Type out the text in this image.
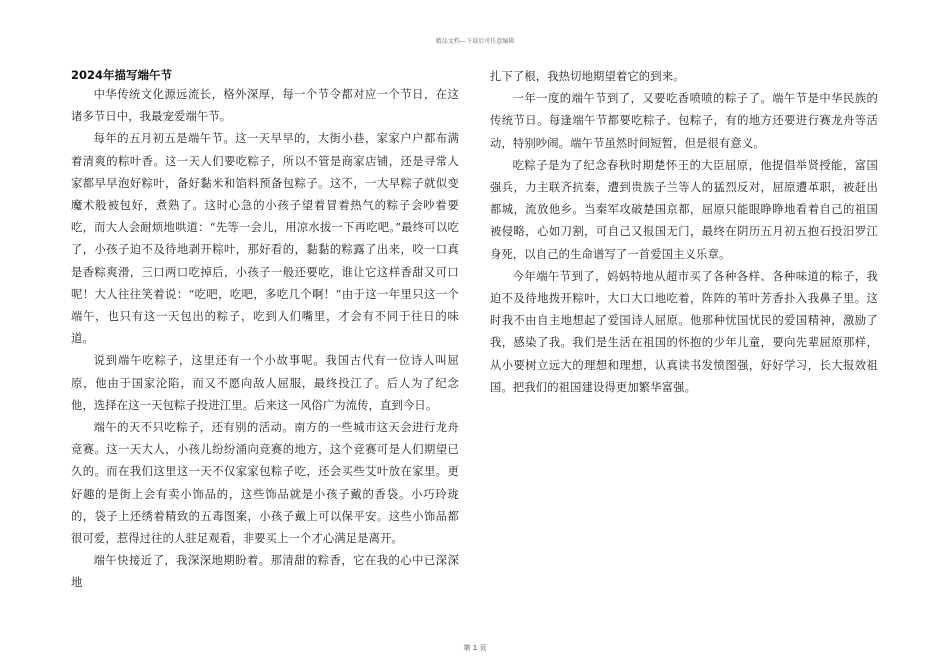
精品文档---下载后可任意编辑
2024年描写端午节

中华传统文化源远流长，格外深厚，每一个节令都对应一个节日，在这诸多节日中，我最宠爱端午节。

每年的五月初五是端午节。这一天早早的，大街小巷，家家户户都布满着清爽的粽叶香。这一天人们要吃粽子，所以不管是商家店铺，还是寻常人家都早早泡好粽叶，备好黏米和馅料预备包粽子。这不，一大早粽子就似变魔术般被包好，煮熟了。这时心急的小孩子望着冒着热气的粽子会吵着要吃，而大人会耐烦地哄道：“先等一会儿，用凉水拔一下再吃吧。”最终可以吃了，小孩子迫不及待地剥开粽叶，那好看的，黏黏的粽露了出来，咬一口真是香粽爽滑，三口两口吃掉后，小孩子一般还要吃，谁让它这样香甜又可口呢！大人往往笑着说：“吃吧，吃吧，多吃几个啊！”由于这一年里只这一个端午，也只有这一天包出的粽子，吃到人们嘴里，才会有不同于往日的味道。

说到端午吃粽子，这里还有一个小故事呢。我国古代有一位诗人叫屈原，他由于国家沦陷，而又不愿向敌人屈服，最终投江了。后人为了纪念他，选择在这一天包粽子投进江里。后来这一风俗广为流传，直到今日。

端午的天不只吃粽子，还有别的活动。南方的一些城市这天会进行龙舟竞赛。这一天大人，小孩儿纷纷涌向竞赛的地方，这个竞赛可是人们期望已久的。而在我们这里这一天不仅家家包粽子吃，还会买些艾叶放在家里。更好趣的是街上会有卖小饰品的，这些饰品就是小孩子戴的香袋。小巧玲珑的，袋子上还绣着精致的五毒图案，小孩子戴上可以保平安。这些小饰品都很可爱，惹得过往的人驻足观看，非要买上一个才心满足是离开。

端午快接近了，我深深地期盼着。那清甜的粽香，它在我的心中已深深地

扎下了根，我热切地期望着它的到来。

一年一度的端午节到了，又要吃香喷喷的粽子了。端午节是中华民族的传统节日。每逢端午节都要吃粽子、包粽子，有的地方还要进行赛龙舟等活动，特别吵闹。端午节虽然时间短暂，但是很有意义。

吃粽子是为了纪念春秋时期楚怀王的大臣屈原，他提倡举贤授能，富国强兵，力主联齐抗秦，遭到贵族子兰等人的猛烈反对，屈原遭革职，被赶出都城，流放他乡。当秦军攻破楚国京都，屈原只能眼睁睁地看着自己的祖国被侵略，心如刀割，可自己又报国无门，最终在阴历五月初五抱石投汨罗江身死，以自己的生命谱写了一首爱国主义乐章。

今年端午节到了，妈妈特地从超市买了各种各样、各种味道的粽子，我迫不及待地拨开粽叶，大口大口地吃着，阵阵的苇叶芳香扑入我鼻子里。这时我不由自主地想起了爱国诗人屈原。他那种忧国忧民的爱国精神，激励了我，感染了我。我们是生活在祖国的怀抱的少年儿童，要向先辈屈原那样，从小要树立远大的理想和理想，认真读书发愤图强，好好学习，长大报效祖国。把我们的祖国建设得更加繁华富强。

第 1 页
